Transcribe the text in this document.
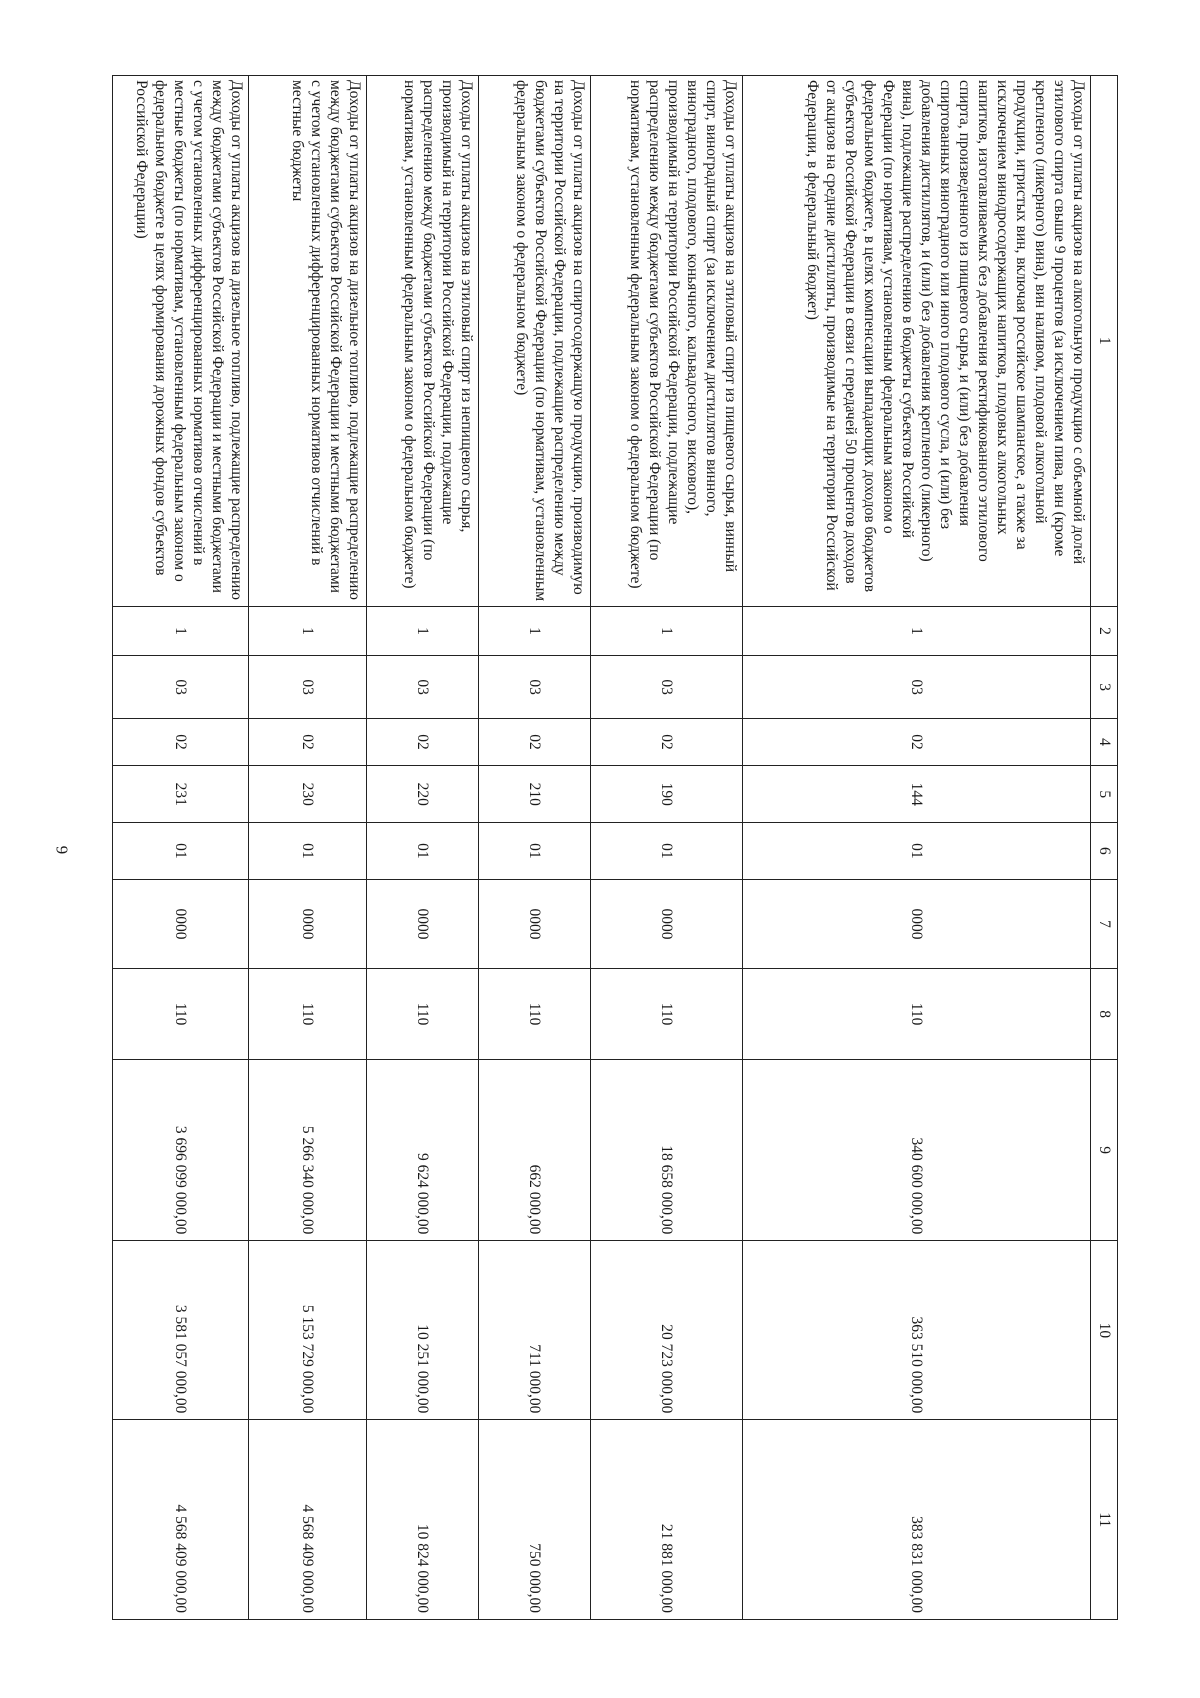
6
1	2	3	4	5	6	7	8	9	10	11
Доходы от уплаты акцизов на алкогольную продукцию с объемной долей этилового спирта свыше 9 процентов (за исключением пива, вин (кроме крепленого (ликерного) вина), вин наливом, плодовой алкогольной продукции, игристых вин, включая российское шампанское, а также за исключением винодросодержащих напитков, плодовых алкогольных напитков, изготавливаемых без добавления ректификованного этилового спирта, произведенного из пищевого сырья, и (или) без добавления спиртованных виноградного или иного плодового сусла, и (или) без добавления дистиллятов, и (или) без добавления крепленого (ликерного) вина), подлежащие распределению в бюджеты субъектов Российской Федерации (по нормативам, установленным федеральным законом о федеральном бюджете, в целях компенсации выпадающих доходов бюджетов субъектов Российской Федерации в связи с передачей 50 процентов доходов от акцизов на средние дистилляты, производимые на территории Российской Федерации, в федеральный бюджет)	1	03	02	144	01	0000	110	340 600 000,00	363 510 000,00	383 831 000,00
Доходы от уплаты акцизов на этиловый спирт из пищевого сырья, винный спирт, виноградный спирт (за исключением дистиллятов винного, виноградного, плодового, коньячного, кальвадосного, вискового), производимый на территории Российской Федерации, подлежащие распределению между бюджетами субъектов Российской Федерации (по нормативам, установленным федеральным законом о федеральном бюджете)	1	03	02	190	01	0000	110	18 658 000,00	20 723 000,00	21 881 000,00
Доходы от уплаты акцизов на спиртосодержащую продукцию, производимую на территории Российской Федерации, подлежащие распределению между бюджетами субъектов Российской Федерации (по нормативам, установленным федеральным законом о федеральном бюджете)	1	03	02	210	01	0000	110	662 000,00	711 000,00	750 000,00
Доходы от уплаты акцизов на этиловый спирт из непищевого сырья, производимый на территории Российской Федерации, подлежащие распределению между бюджетами субъектов Российской Федерации (по нормативам, установленным федеральным законом о федеральном бюджете)	1	03	02	220	01	0000	110	9 624 000,00	10 251 000,00	10 824 000,00
Доходы от уплаты акцизов на дизельное топливо, подлежащие распределению между бюджетами субъектов Российской Федерации и местными бюджетами с учетом установленных дифференцированных нормативов отчислений в местные бюджеты	1	03	02	230	01	0000	110	5 266 340 000,00	5 153 729 000,00	4 568 409 000,00
Доходы от уплаты акцизов на дизельное топливо, подлежащие распределению между бюджетами субъектов Российской Федерации и местными бюджетами с учетом установленных дифференцированных нормативов отчислений в местные бюджеты (по нормативам, установленным федеральным законом о федеральном бюджете в целях формирования дорожных фондов субъектов Российской Федерации)	1	03	02	231	01	0000	110	3 696 099 000,00	3 581 057 000,00	4 568 409 000,00
